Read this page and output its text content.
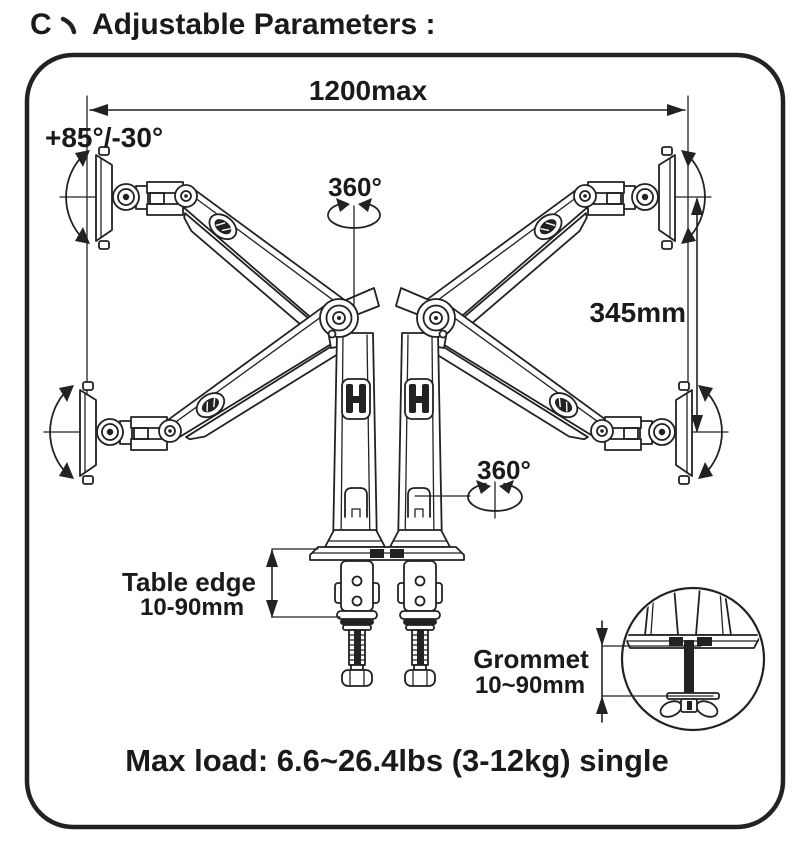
C Adjustable Parameters :
1200max
+85°/-30°
360°
345mm
360°
Table edge
10-90mm
Grommet
10~90mm
Max load: 6.6~26.4lbs (3-12kg) single
